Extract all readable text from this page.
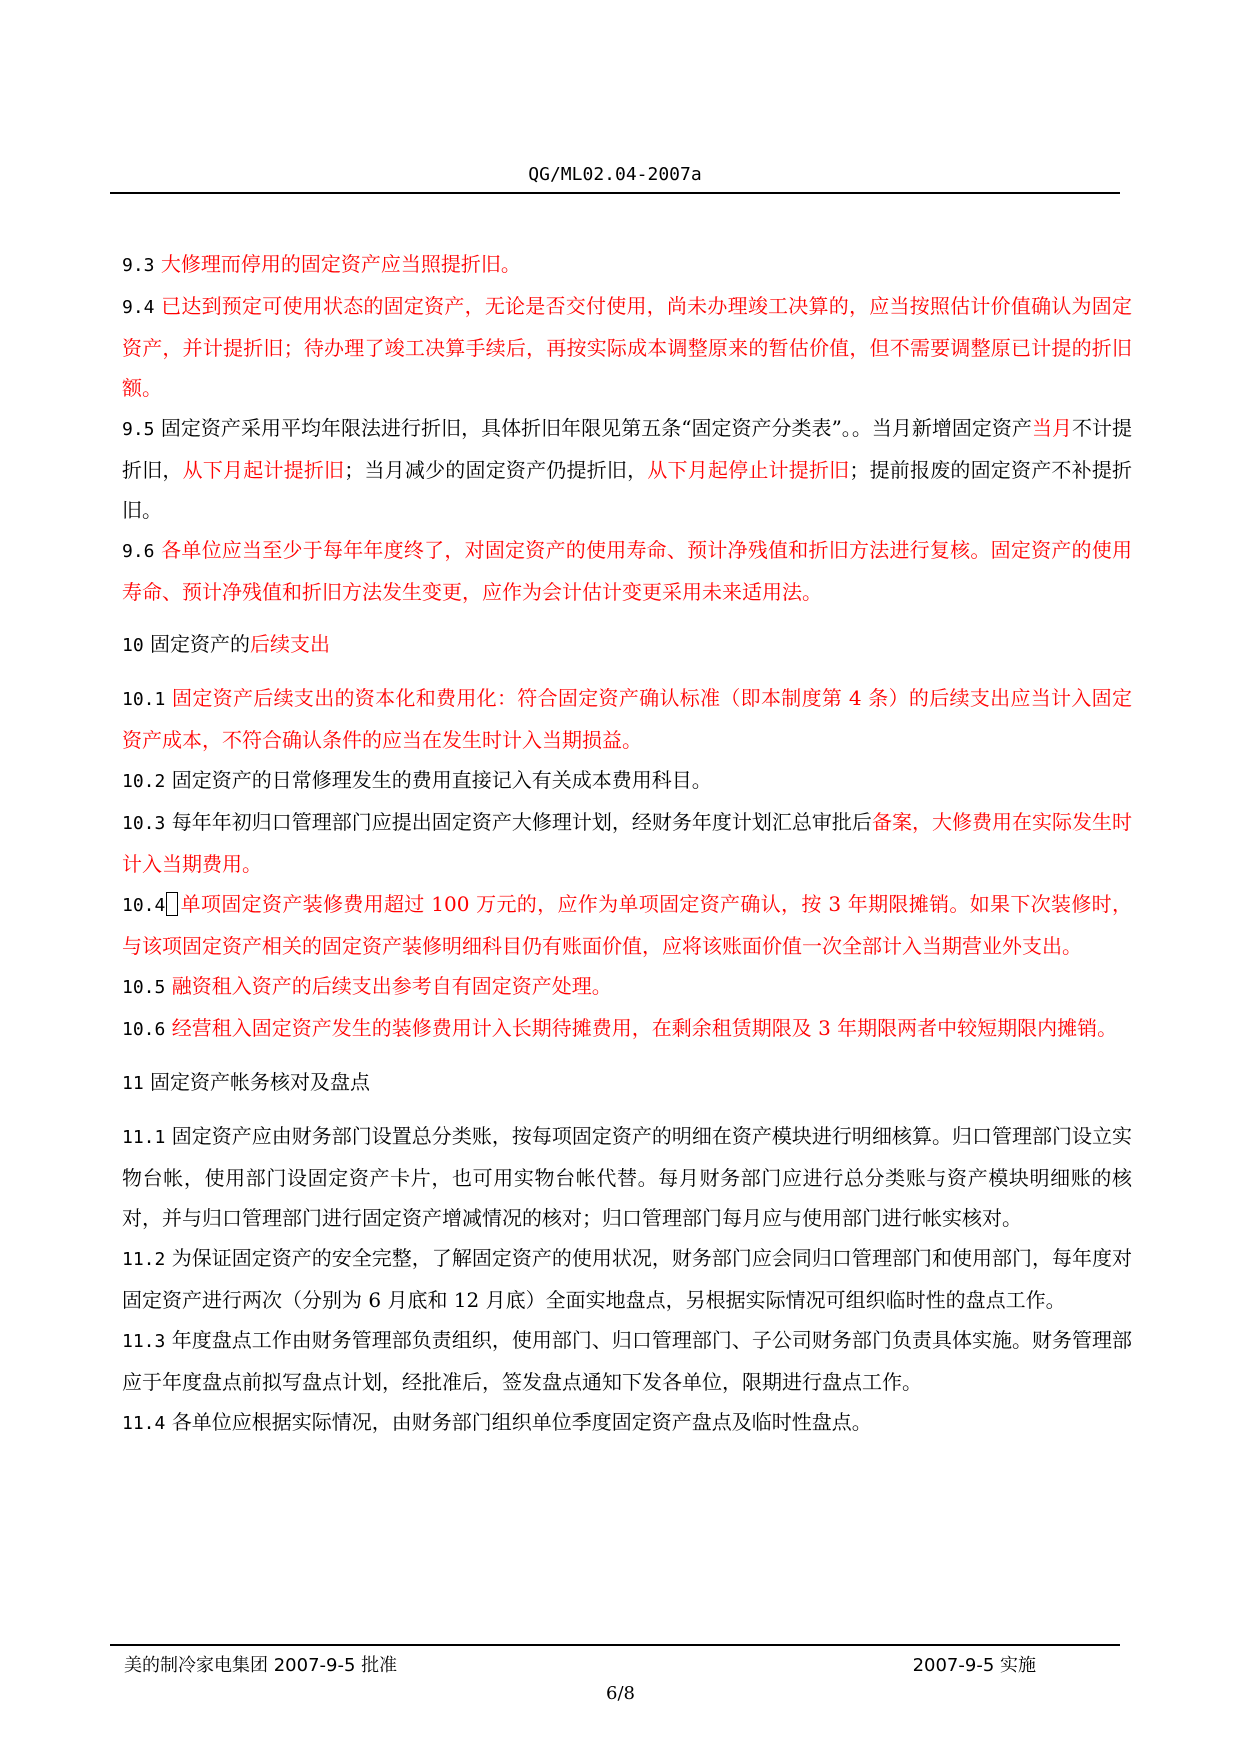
QG/ML02.04-2007a

9.3 大修理而停用的固定资产应当照提折旧。

9.4 已达到预定可使用状态的固定资产，无论是否交付使用，尚未办理竣工决算的，应当按照估计价值确认为固定资产，并计提折旧；待办理了竣工决算手续后，再按实际成本调整原来的暂估价值，但不需要调整原已计提的折旧额。

9.5 固定资产采用平均年限法进行折旧，具体折旧年限见第五条“固定资产分类表”。。当月新增固定资产当月不计提折旧，从下月起计提折旧；当月减少的固定资产仍提折旧，从下月起停止计提折旧；提前报废的固定资产不补提折旧。

9.6 各单位应当至少于每年年度终了，对固定资产的使用寿命、预计净残值和折旧方法进行复核。固定资产的使用寿命、预计净残值和折旧方法发生变更，应作为会计估计变更采用未来适用法。

10 固定资产的后续支出

10.1 固定资产后续支出的资本化和费用化：符合固定资产确认标准（即本制度第 4 条）的后续支出应当计入固定资产成本，不符合确认条件的应当在发生时计入当期损益。

10.2 固定资产的日常修理发生的费用直接记入有关成本费用科目。

10.3 每年年初归口管理部门应提出固定资产大修理计划，经财务年度计划汇总审批后备案，大修费用在实际发生时计入当期费用。

10.4 单项固定资产装修费用超过 100 万元的，应作为单项固定资产确认，按 3 年期限摊销。如果下次装修时，与该项固定资产相关的固定资产装修明细科目仍有账面价值，应将该账面价值一次全部计入当期营业外支出。

10.5 融资租入资产的后续支出参考自有固定资产处理。

10.6 经营租入固定资产发生的装修费用计入长期待摊费用，在剩余租赁期限及 3 年期限两者中较短期限内摊销。

11 固定资产帐务核对及盘点

11.1 固定资产应由财务部门设置总分类账，按每项固定资产的明细在资产模块进行明细核算。归口管理部门设立实物台帐，使用部门设固定资产卡片，也可用实物台帐代替。每月财务部门应进行总分类账与资产模块明细账的核对，并与归口管理部门进行固定资产增减情况的核对；归口管理部门每月应与使用部门进行帐实核对。

11.2 为保证固定资产的安全完整，了解固定资产的使用状况，财务部门应会同归口管理部门和使用部门，每年度对固定资产进行两次（分别为 6 月底和 12 月底）全面实地盘点，另根据实际情况可组织临时性的盘点工作。

11.3 年度盘点工作由财务管理部负责组织，使用部门、归口管理部门、子公司财务部门负责具体实施。财务管理部应于年度盘点前拟写盘点计划，经批准后，签发盘点通知下发各单位，限期进行盘点工作。

11.4 各单位应根据实际情况，由财务部门组织单位季度固定资产盘点及临时性盘点。

美的制冷家电集团 2007-9-5 批准	2007-9-5 实施
6/8
